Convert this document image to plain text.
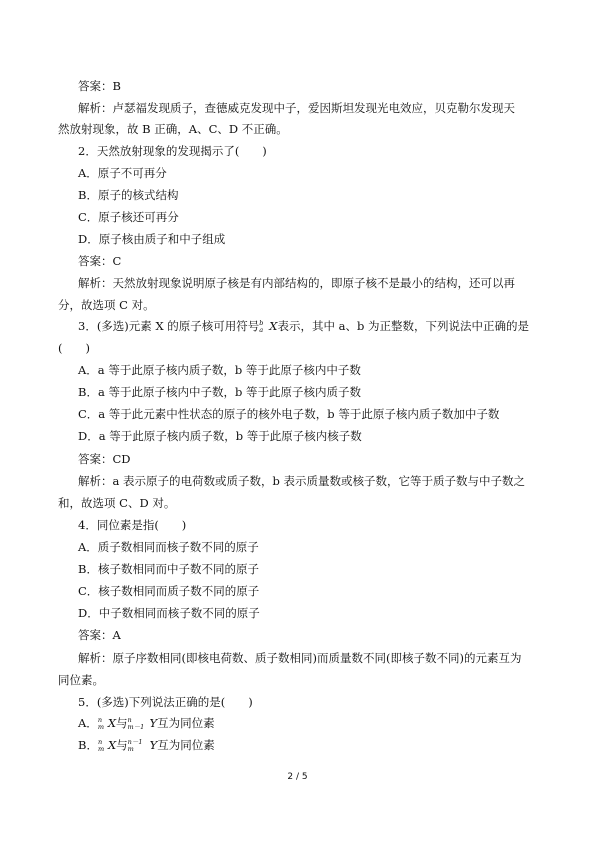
答案：B
解析：卢瑟福发现质子，查德威克发现中子，爱因斯坦发现光电效应，贝克勒尔发现天
然放射现象，故 B 正确，A、C、D 不正确。
2．天然放射现象的发现揭示了(　　)
A．原子不可再分
B．原子的核式结构
C．原子核还可再分
D．原子核由质子和中子组成
答案：C
解析：天然放射现象说明原子核是有内部结构的，即原子核不是最小的结构，还可以再
分，故选项 C 对。
3．(多选)元素 X 的原子核可用符号 b
a X表示，其中 a、b 为正整数，下列说法中正确的是
(　　)
A．a 等于此原子核内质子数，b 等于此原子核内中子数
B．a 等于此原子核内中子数，b 等于此原子核内质子数
C．a 等于此元素中性状态的原子的核外电子数，b 等于此原子核内质子数加中子数
D．a 等于此原子核内质子数，b 等于此原子核内核子数
答案：CD
解析：a 表示原子的电荷数或质子数，b 表示质量数或核子数，它等于质子数与中子数之
和，故选项 C、D 对。
4．同位素是指(　　)
A．质子数相同而核子数不同的原子
B．核子数相同而中子数不同的原子
C．核子数相同而质子数不同的原子
D．中子数相同而核子数不同的原子
答案：A
解析：原子序数相同(即核电荷数、质子数相同)而质量数不同(即核子数不同)的元素互为
同位素。
5．(多选)下列说法正确的是(　　)
A． n
m X与 n
m－1 Y互为同位素
B． n
m X与 n－1
m Y互为同位素
2 / 5
